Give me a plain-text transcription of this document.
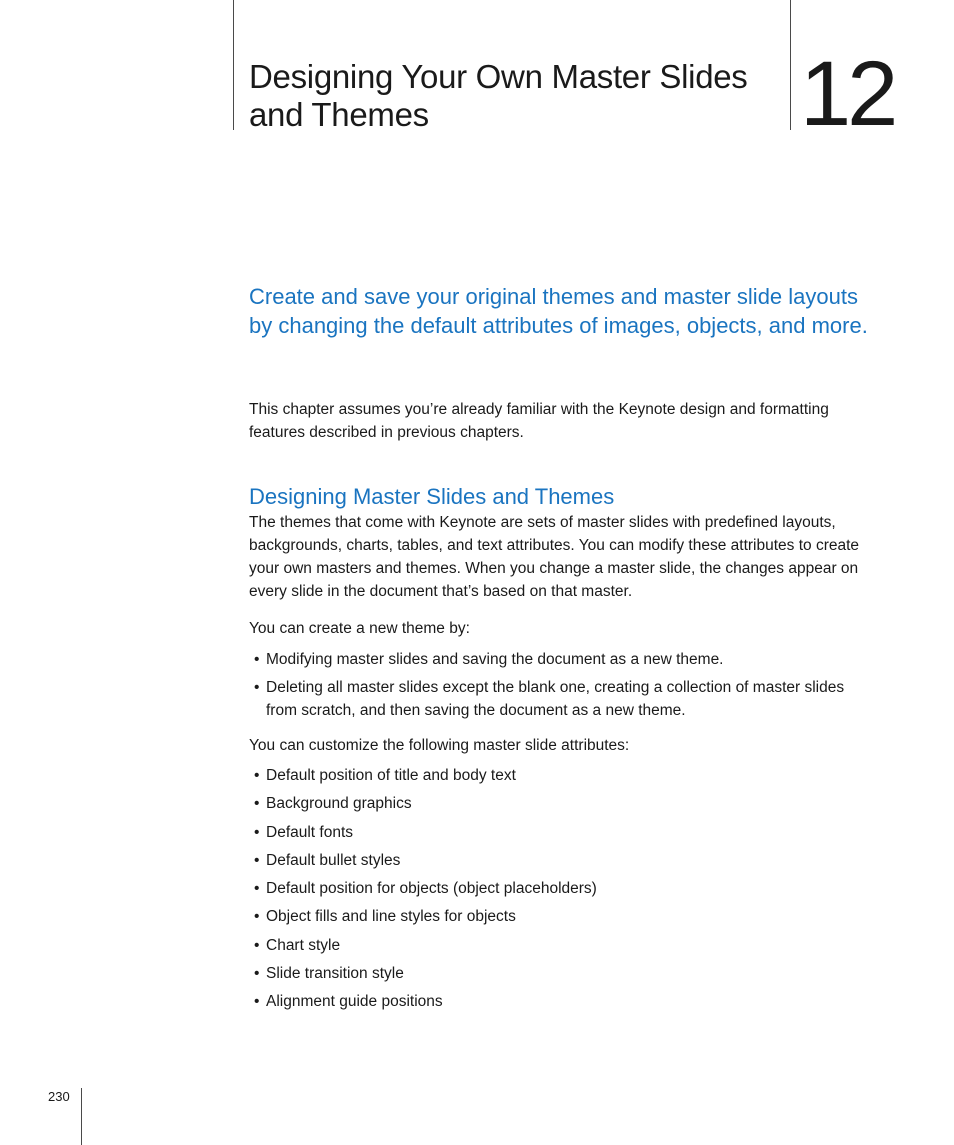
Designing Your Own Master Slides and Themes	12
Create and save your original themes and master slide layouts by changing the default attributes of images, objects, and more.

This chapter assumes you’re already familiar with the Keynote design and formatting features described in previous chapters.

Designing Master Slides and Themes

The themes that come with Keynote are sets of master slides with predefined layouts, backgrounds, charts, tables, and text attributes. You can modify these attributes to create your own masters and themes. When you change a master slide, the changes appear on every slide in the document that’s based on that master.

You can create a new theme by:

• Modifying master slides and saving the document as a new theme.
• Deleting all master slides except the blank one, creating a collection of master slides from scratch, and then saving the document as a new theme.

You can customize the following master slide attributes:

• Default position of title and body text
• Background graphics
• Default fonts
• Default bullet styles
• Default position for objects (object placeholders)
• Object fills and line styles for objects
• Chart style
• Slide transition style
• Alignment guide positions
230
